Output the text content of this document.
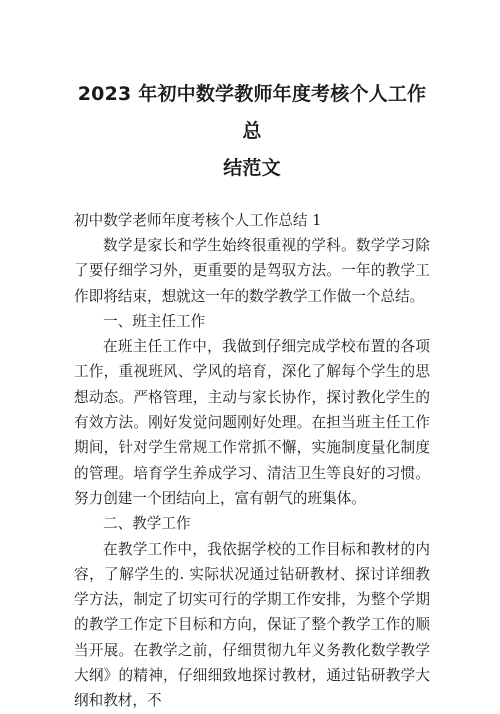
2023 年初中数学教师年度考核个人工作总
结范文

初中数学老师年度考核个人工作总结 1

数学是家长和学生始终很重视的学科。数学学习除了要仔细学习外，更重要的是驾驭方法。一年的教学工作即将结束，想就这一年的数学教学工作做一个总结。

一、班主任工作

在班主任工作中，我做到仔细完成学校布置的各项工作，重视班风、学风的培育，深化了解每个学生的思想动态。严格管理，主动与家长协作，探讨教化学生的有效方法。刚好发觉问题刚好处理。在担当班主任工作期间，针对学生常规工作常抓不懈，实施制度量化制度的管理。培育学生养成学习、清洁卫生等良好的习惯。努力创建一个团结向上，富有朝气的班集体。

二、教学工作

在教学工作中，我依据学校的工作目标和教材的内容，了解学生的. 实际状况通过钻研教材、探讨详细教学方法，制定了切实可行的学期工作安排，为整个学期的教学工作定下目标和方向，保证了整个教学工作的顺当开展。在教学之前，仔细贯彻九年义务教化数学教学大纲》的精神，仔细细致地探讨教材，通过钻研教学大纲和教材，不
